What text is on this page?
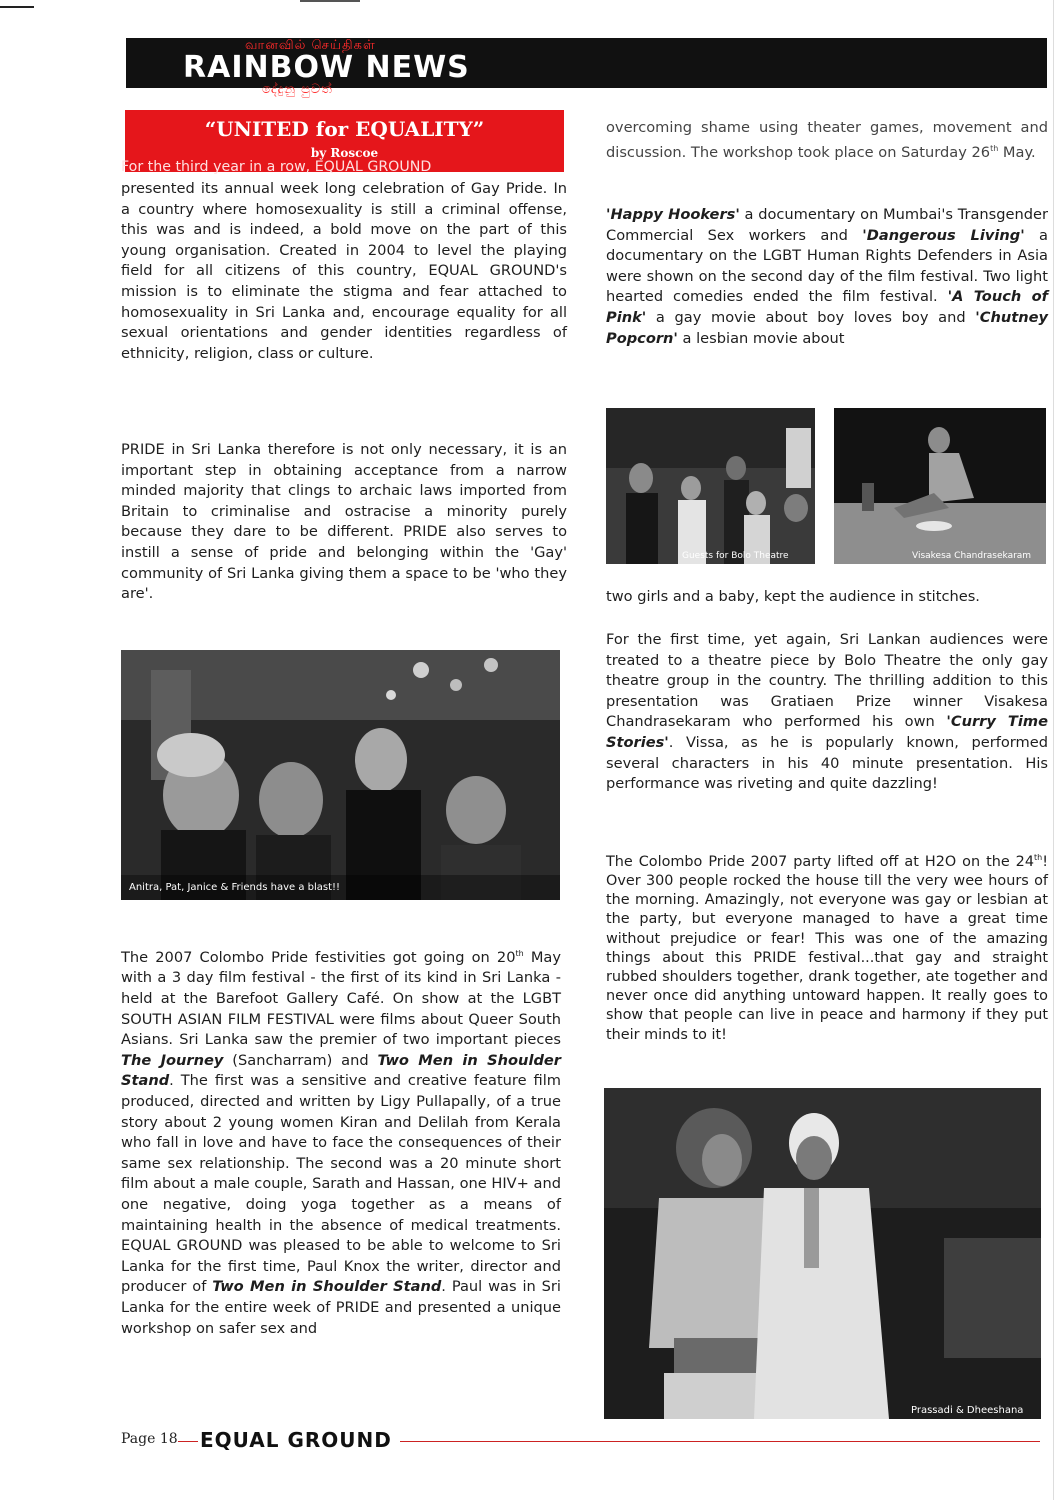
வானவில் செய்திகள்
RAINBOW NEWS
දේදුනු පුවත්
“UNITED for EQUALITY”
by Roscoe
For the third year in a row, EQUAL GROUND

presented its annual week long celebration of Gay Pride. In a country where homosexuality is still a criminal offense, this was and is indeed, a bold move on the part of this young organisation. Created in 2004 to level the playing field for all citizens of this country, EQUAL GROUND's mission is to eliminate the stigma and fear attached to homosexuality in Sri Lanka and, encourage equality for all sexual orientations and gender identities regardless of ethnicity, religion, class or culture.

PRIDE in Sri Lanka therefore is not only necessary, it is an important step in obtaining acceptance from a narrow minded majority that clings to archaic laws imported from Britain to criminalise and ostracise a minority purely because they dare to be different. PRIDE also serves to instill a sense of pride and belonging within the 'Gay' community of Sri Lanka giving them a space to be 'who they are'.

Anitra, Pat, Janice & Friends have a blast!!

The 2007 Colombo Pride festivities got going on 20th May with a 3 day film festival - the first of its kind in Sri Lanka - held at the Barefoot Gallery Café. On show at the LGBT SOUTH ASIAN FILM FESTIVAL were films about Queer South Asians. Sri Lanka saw the premier of two important pieces The Journey (Sancharram) and Two Men in Shoulder Stand. The first was a sensitive and creative feature film produced, directed and written by Ligy Pullapally, of a true story about 2 young women Kiran and Delilah from Kerala who fall in love and have to face the consequences of their same sex relationship. The second was a 20 minute short film about a male couple, Sarath and Hassan, one HIV+ and one negative, doing yoga together as a means of maintaining health in the absence of medical treatments. EQUAL GROUND was pleased to be able to welcome to Sri Lanka for the first time, Paul Knox the writer, director and producer of Two Men in Shoulder Stand. Paul was in Sri Lanka for the entire week of PRIDE and presented a unique workshop on safer sex and

overcoming shame using theater games, movement and discussion. The workshop took place on Saturday 26th May.

'Happy Hookers' a documentary on Mumbai's Transgender Commercial Sex workers and 'Dangerous Living' a documentary on the LGBT Human Rights Defenders in Asia were shown on the second day of the film festival. Two light hearted comedies ended the film festival. 'A Touch of Pink' a gay movie about boy loves boy and 'Chutney Popcorn' a lesbian movie about

Guests for Bolo Theatre	Visakesa Chandrasekaram

two girls and a baby, kept the audience in stitches.

For the first time, yet again, Sri Lankan audiences were treated to a theatre piece by Bolo Theatre the only gay theatre group in the country. The thrilling addition to this presentation was Gratiaen Prize winner Visakesa Chandrasekaram who performed his own 'Curry Time Stories'. Vissa, as he is popularly known, performed several characters in his 40 minute presentation. His performance was riveting and quite dazzling!

The Colombo Pride 2007 party lifted off at H2O on the 24th! Over 300 people rocked the house till the very wee hours of the morning. Amazingly, not everyone was gay or lesbian at the party, but everyone managed to have a great time without prejudice or fear! This was one of the amazing things about this PRIDE festival...that gay and straight rubbed shoulders together, drank together, ate together and never once did anything untoward happen. It really goes to show that people can live in peace and harmony if they put their minds to it!

Prassadi & Dheeshana
Page 18 EQUAL GROUND
